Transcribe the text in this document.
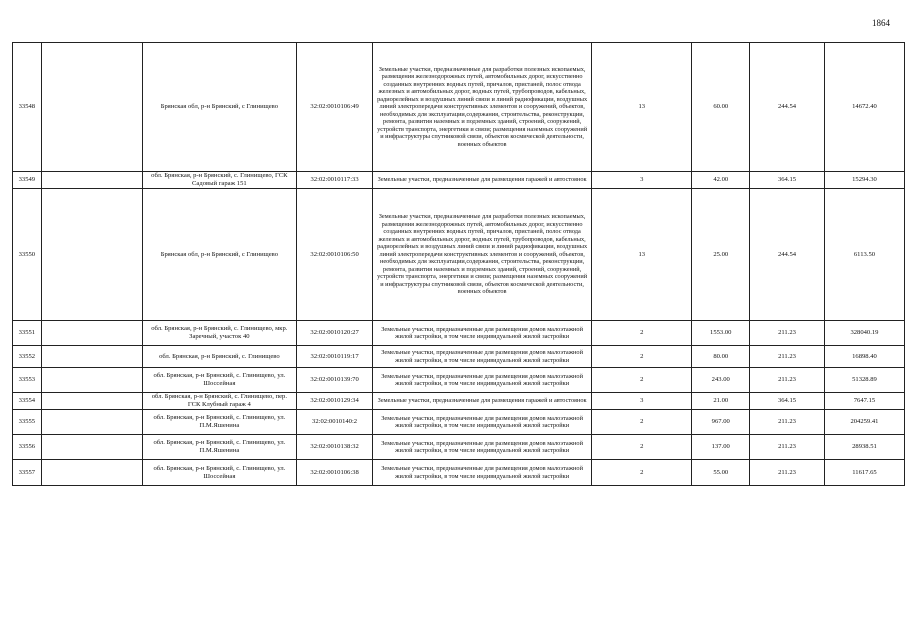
1864
33548		Брянская обл, р-н Брянский, с Глинищево	32:02:0010106:49	Земельные участки, предназначенные для разработки полезных ископаемых, размещения железнодорожных путей, автомобильных дорог, искусственно созданных внутренних водных путей, причалов, пристаней, полос отвода железных и автомобильных дорог, водных путей, трубопроводов, кабельных, радиорелейных и воздушных линий связи и линий радиофикации, воздушных линий электропередачи конструктивных элементов и сооружений, объектов, необходимых для эксплуатации,содержания, строительства, реконструкции, ремонта, развития наземных и подземных зданий, строений, сооружений, устройств транспорта, энергетики и связи; размещения наземных сооружений и инфраструктуры спутниковой связи, объектов космической деятельности, военных объектов	13	60.00	244.54	14672.40
33549		обл. Брянская, р-н Брянский, с. Глинищево, ГСК Садовый гараж 151	32:02:0010117:33	Земельные участки, предназначенные для размещения гаражей и автостоянок	3	42.00	364.15	15294.30
33550		Брянская обл, р-н Брянский, с Глинищево	32:02:0010106:50	Земельные участки, предназначенные для разработки полезных ископаемых, размещения железнодорожных путей, автомобильных дорог, искусственно созданных внутренних водных путей, причалов, пристаней, полос отвода железных и автомобильных дорог, водных путей, трубопроводов, кабельных, радиорелейных и воздушных линий связи и линий радиофикации, воздушных линий электропередачи конструктивных элементов и сооружений, объектов, необходимых для эксплуатации,содержания, строительства, реконструкции, ремонта, развития наземных и подземных зданий, строений, сооружений, устройств транспорта, энергетики и связи; размещения наземных сооружений и инфраструктуры спутниковой связи, объектов космической деятельности, военных объектов	13	25.00	244.54	6113.50
33551		обл. Брянская, р-н Брянский, с. Глинищево, мкр. Заречный, участок 40	32:02:0010120:27	Земельные участки, предназначенные для размещения домов малоэтажной жилой застройки, в том числе индивидуальной жилой застройки	2	1553.00	211.23	328040.19
33552		обл. Брянская, р-н Брянский, с. Глинищево	32:02:0010119:17	Земельные участки, предназначенные для размещения домов малоэтажной жилой застройки, в том числе индивидуальной жилой застройки	2	80.00	211.23	16898.40
33553		обл. Брянская, р-н Брянский, с. Глинищево, ул. Шоссейная	32:02:0010139:70	Земельные участки, предназначенные для размещения домов малоэтажной жилой застройки, в том числе индивидуальной жилой застройки	2	243.00	211.23	51328.89
33554		обл. Брянская, р-н Брянский, с. Глинищево, пер. ГСК Клубный гараж 4	32:02:0010129:34	Земельные участки, предназначенные для размещения гаражей и автостоянок	3	21.00	364.15	7647.15
33555		обл. Брянская, р-н Брянский, с. Глинищево, ул. П.М.Яшенина	32:02:0010140:2	Земельные участки, предназначенные для размещения домов малоэтажной жилой застройки, в том числе индивидуальной жилой застройки	2	967.00	211.23	204259.41
33556		обл. Брянская, р-н Брянский, с. Глинищево, ул. П.М.Яшенина	32:02:0010138:32	Земельные участки, предназначенные для размещения домов малоэтажной жилой застройки, в том числе индивидуальной жилой застройки	2	137.00	211.23	28938.51
33557		обл. Брянская, р-н Брянский, с. Глинищево, ул. Шоссейная	32:02:0010106:38	Земельные участки, предназначенные для размещения домов малоэтажной жилой застройки, в том числе индивидуальной жилой застройки	2	55.00	211.23	11617.65
